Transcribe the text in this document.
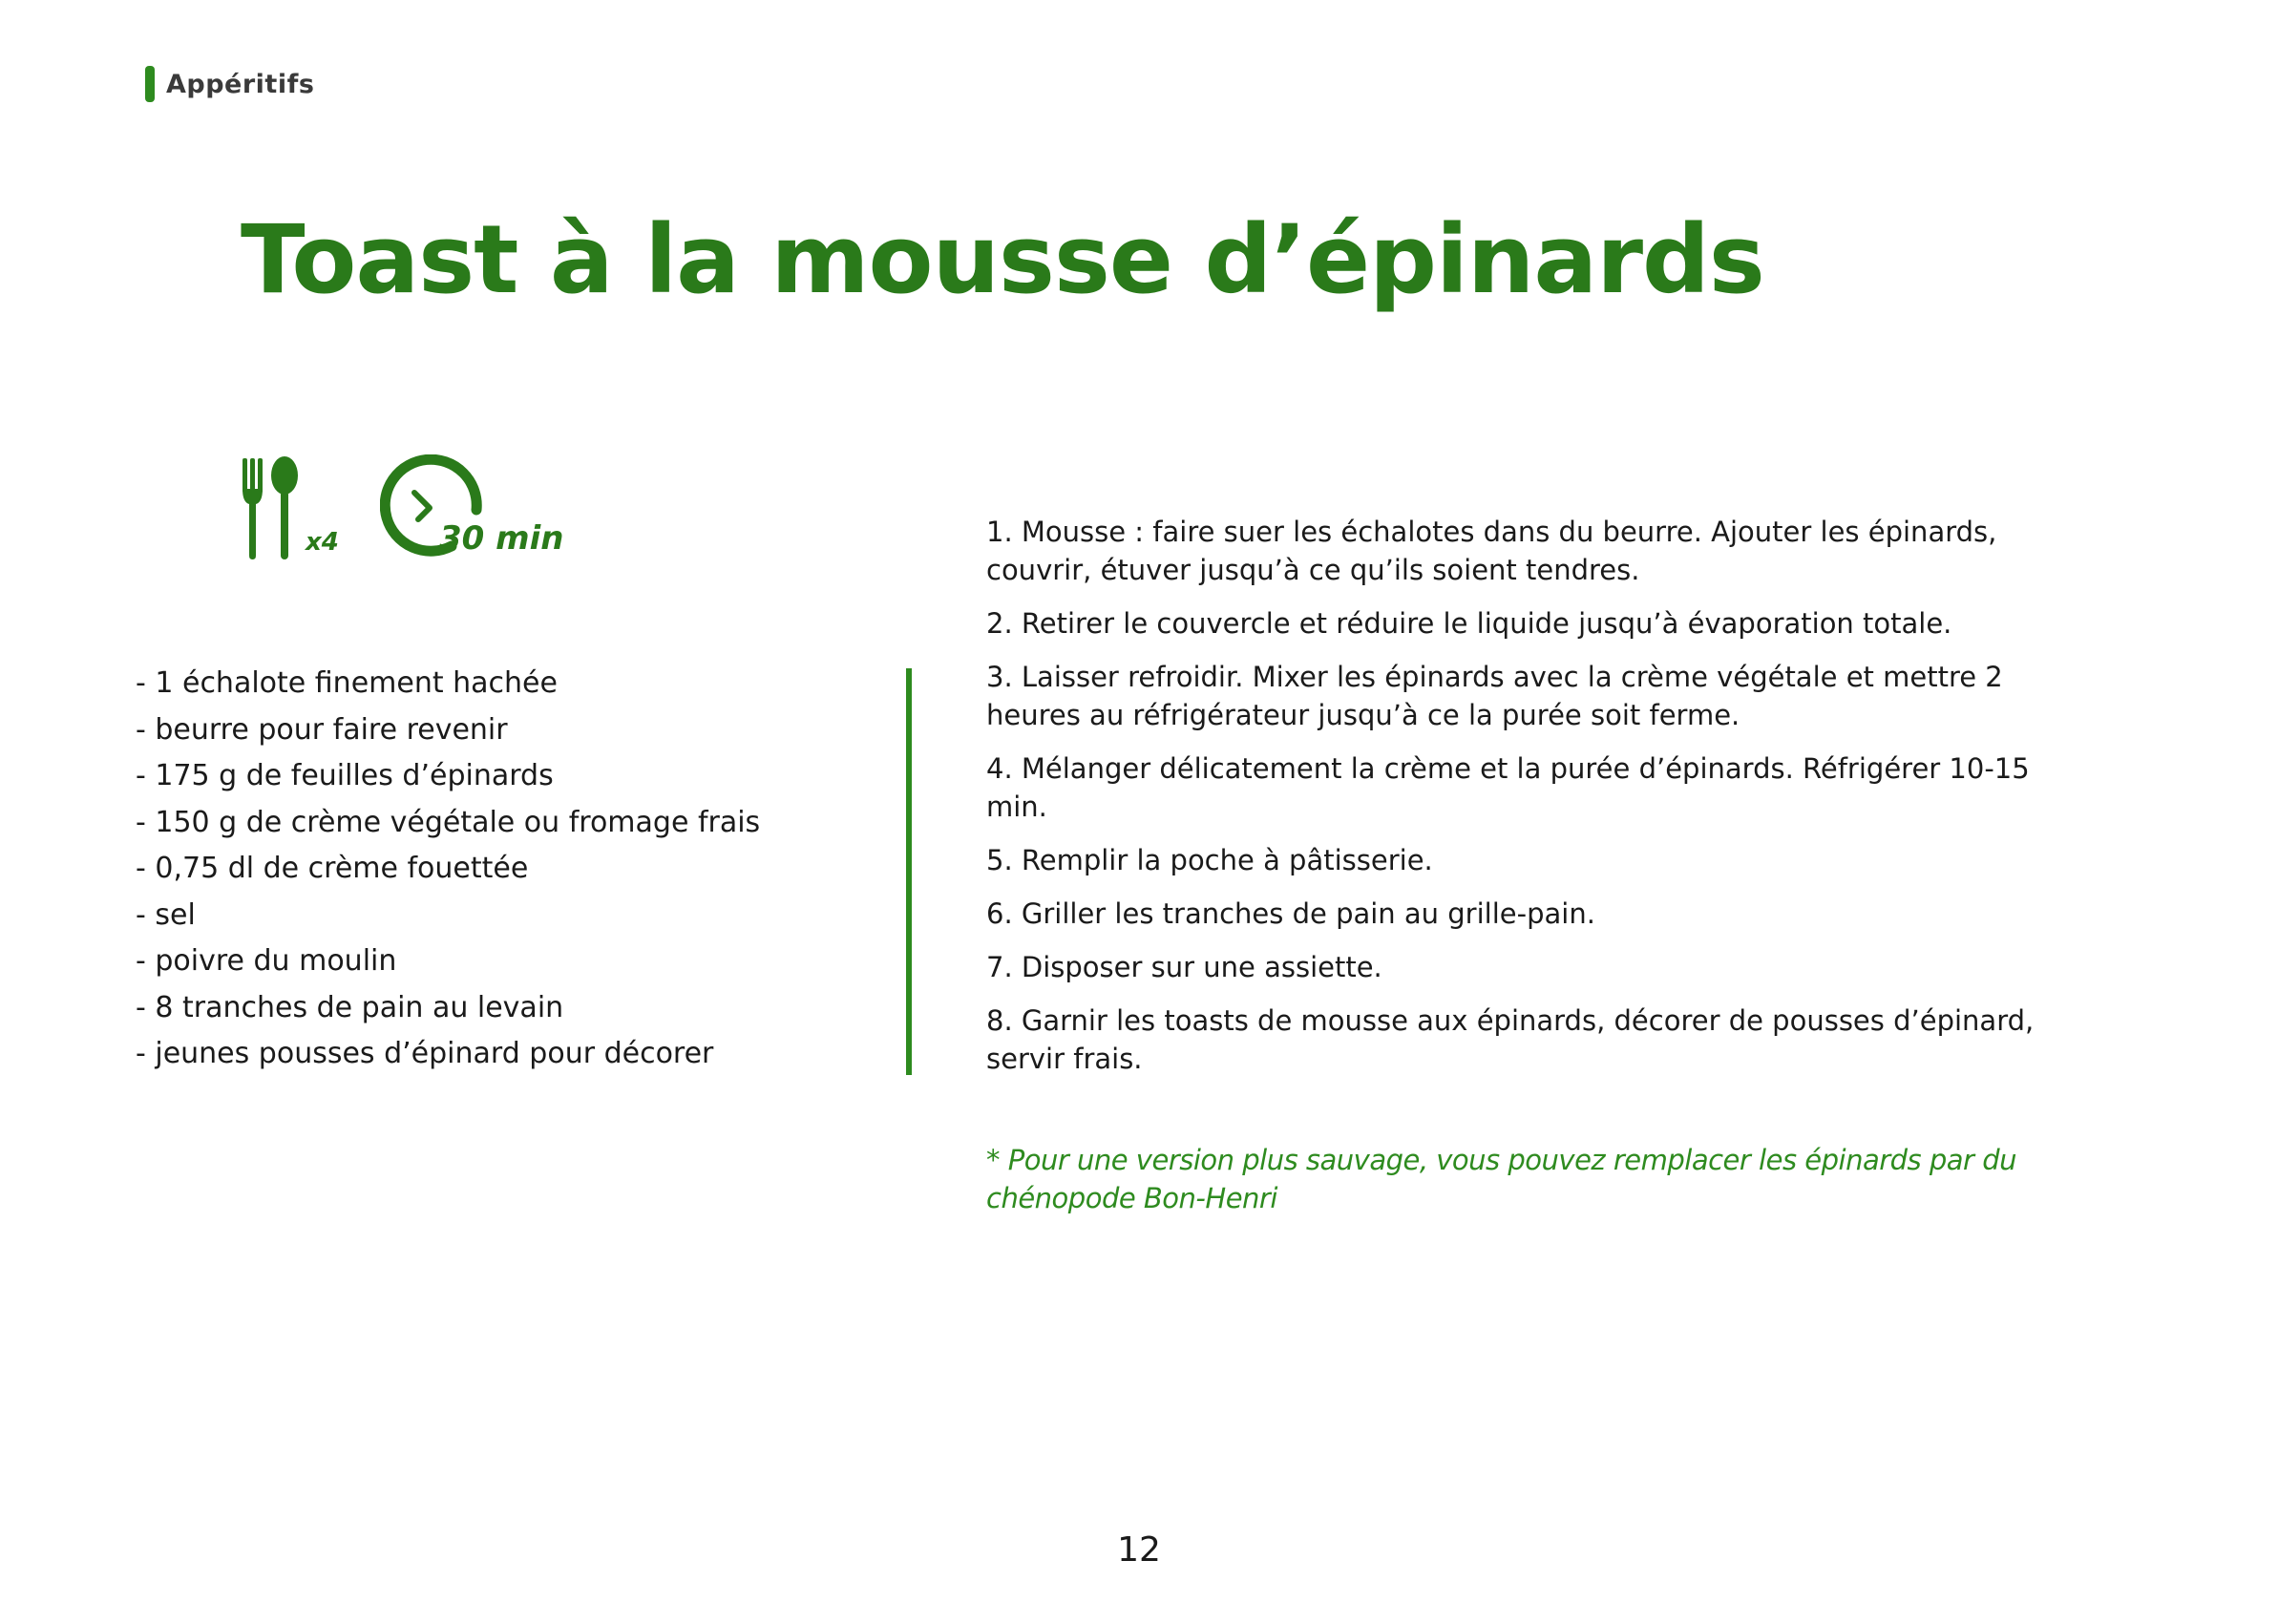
Appéritifs
Toast à la mousse d’épinards
x4	30 min
- 1 échalote finement hachée
- beurre pour faire revenir
- 175 g de feuilles d’épinards
- 150 g de crème végétale ou fromage frais
- 0,75 dl de crème fouettée
- sel
- poivre du moulin
- 8 tranches de pain au levain
- jeunes pousses d’épinard pour décorer
1. Mousse : faire suer les échalotes dans du beurre. Ajouter les épinards, couvrir, étuver jusqu’à ce qu’ils soient tendres.
2. Retirer le couvercle et réduire le liquide jusqu’à évaporation totale.
3. Laisser refroidir. Mixer les épinards avec la crème végétale et mettre 2 heures au réfrigérateur jusqu’à ce la purée soit ferme.
4. Mélanger délicatement la crème et la purée d’épinards. Réfrigérer 10-15 min.
5. Remplir la poche à pâtisserie.
6. Griller les tranches de pain au grille-pain.
7. Disposer sur une assiette.
8. Garnir les toasts de mousse aux épinards, décorer de pousses d’épinard, servir frais.

* Pour une version plus sauvage, vous pouvez remplacer les épinards par du chénopode Bon-Henri

12
